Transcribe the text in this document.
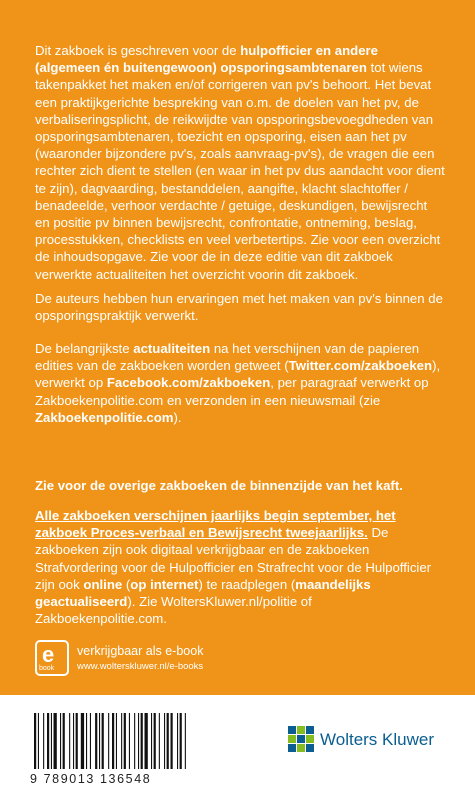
Dit zakboek is geschreven voor de hulpofficier en andere (algemeen én buitengewoon) opsporingsambtenaren tot wiens takenpakket het maken en/of corrigeren van pv's behoort. Het bevat een praktijkgerichte bespreking van o.m. de doelen van het pv, de verbaliseringsplicht, de reikwijdte van opsporingsbevoegdheden van opsporingsambtenaren, toezicht en opsporing, eisen aan het pv (waaronder bijzondere pv's, zoals aanvraag-pv's), de vragen die een rechter zich dient te stellen (en waar in het pv dus aandacht voor dient te zijn), dagvaarding, bestanddelen, aangifte, klacht slachtoffer / benadeelde, verhoor verdachte / getuige, deskundigen, bewijsrecht en positie pv binnen bewijsrecht, confrontatie, ontneming, beslag, processtukken, checklists en veel verbetertips. Zie voor een overzicht de inhoudsopgave. Zie voor de in deze editie van dit zakboek verwerkte actualiteiten het overzicht voorin dit zakboek.

De auteurs hebben hun ervaringen met het maken van pv's binnen de opsporingspraktijk verwerkt.

De belangrijkste actualiteiten na het verschijnen van de papieren edities van de zakboeken worden getweet (Twitter.com/zakboeken), verwerkt op Facebook.com/zakboeken, per paragraaf verwerkt op Zakboekenpolitie.com en verzonden in een nieuwsmail (zie Zakboekenpolitie.com).

Zie voor de overige zakboeken de binnenzijde van het kaft.

Alle zakboeken verschijnen jaarlijks begin september, het zakboek Proces-verbaal en Bewijsrecht tweejaarlijks. De zakboeken zijn ook digitaal verkrijgbaar en de zakboeken Strafvordering voor de Hulpofficier en Strafrecht voor de Hulpofficier zijn ook online (op internet) te raadplegen (maandelijks geactualiseerd). Zie WoltersKluwer.nl/politie of Zakboekenpolitie.com.

e
book
verkrijgbaar als e-book
www.wolterskluwer.nl/e-books
9 789013 136548
Wolters Kluwer
